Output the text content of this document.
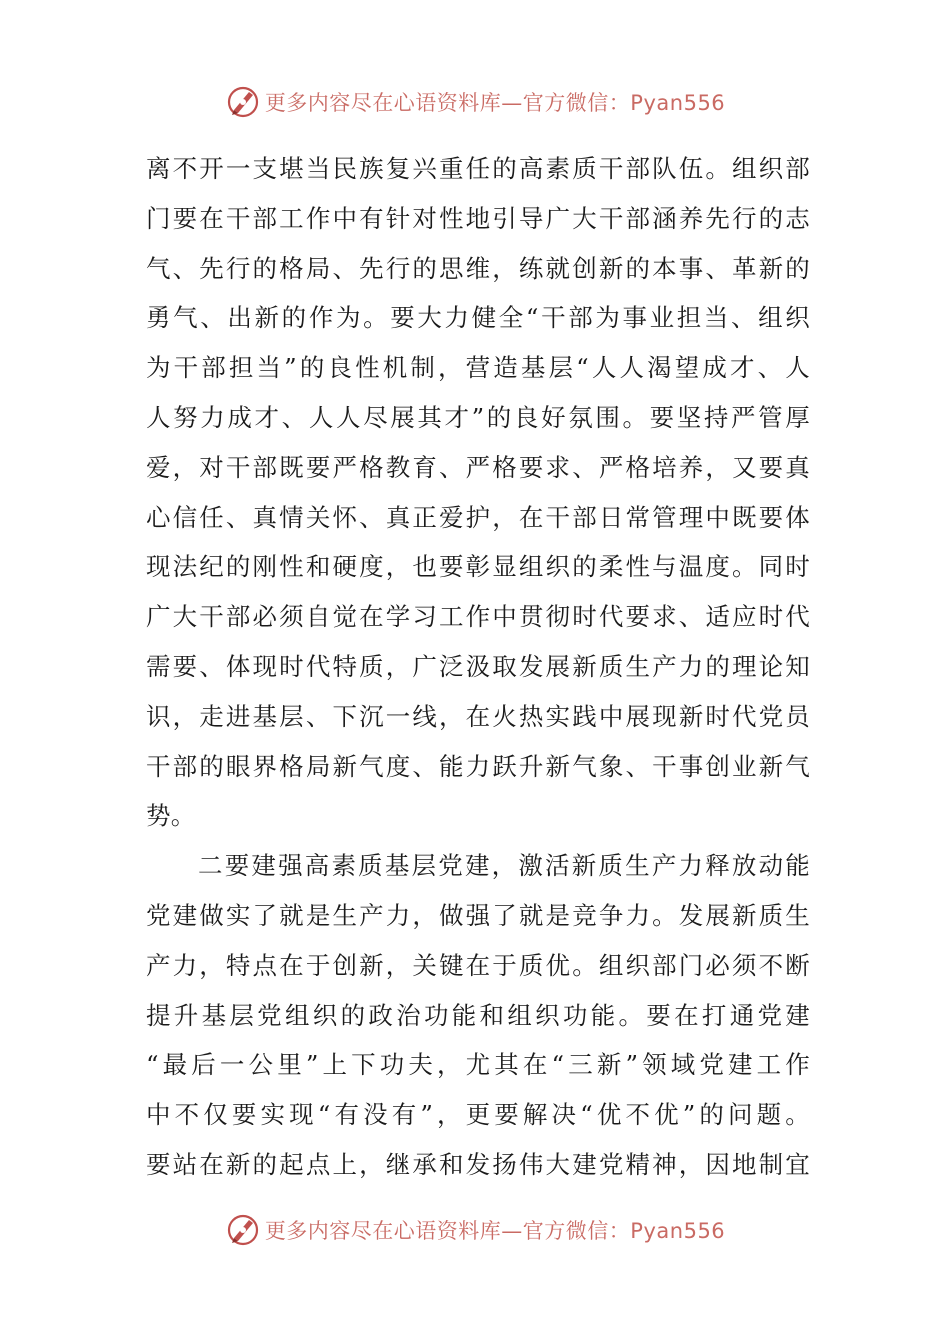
更多内容尽在心语资料库—官方微信：Pyan556
离不开一支堪当民族复兴重任的高素质干部队伍。组织部
门要在干部工作中有针对性地引导广大干部涵养先行的志
气、先行的格局、先行的思维，练就创新的本事、革新的
勇气、出新的作为。要大力健全“干部为事业担当、组织
为干部担当”的良性机制，营造基层“人人渴望成才、人
人努力成才、人人尽展其才”的良好氛围。要坚持严管厚
爱，对干部既要严格教育、严格要求、严格培养，又要真
心信任、真情关怀、真正爱护，在干部日常管理中既要体
现法纪的刚性和硬度，也要彰显组织的柔性与温度。同时
广大干部必须自觉在学习工作中贯彻时代要求、适应时代
需要、体现时代特质，广泛汲取发展新质生产力的理论知
识，走进基层、下沉一线，在火热实践中展现新时代党员
干部的眼界格局新气度、能力跃升新气象、干事创业新气
势。
二要建强高素质基层党建，激活新质生产力释放动能
党建做实了就是生产力，做强了就是竞争力。发展新质生
产力，特点在于创新，关键在于质优。组织部门必须不断
提升基层党组织的政治功能和组织功能。要在打通党建
“最后一公里”上下功夫，尤其在“三新”领域党建工作
中不仅要实现“有没有”，更要解决“优不优”的问题。
要站在新的起点上，继承和发扬伟大建党精神，因地制宜
更多内容尽在心语资料库—官方微信：Pyan556
